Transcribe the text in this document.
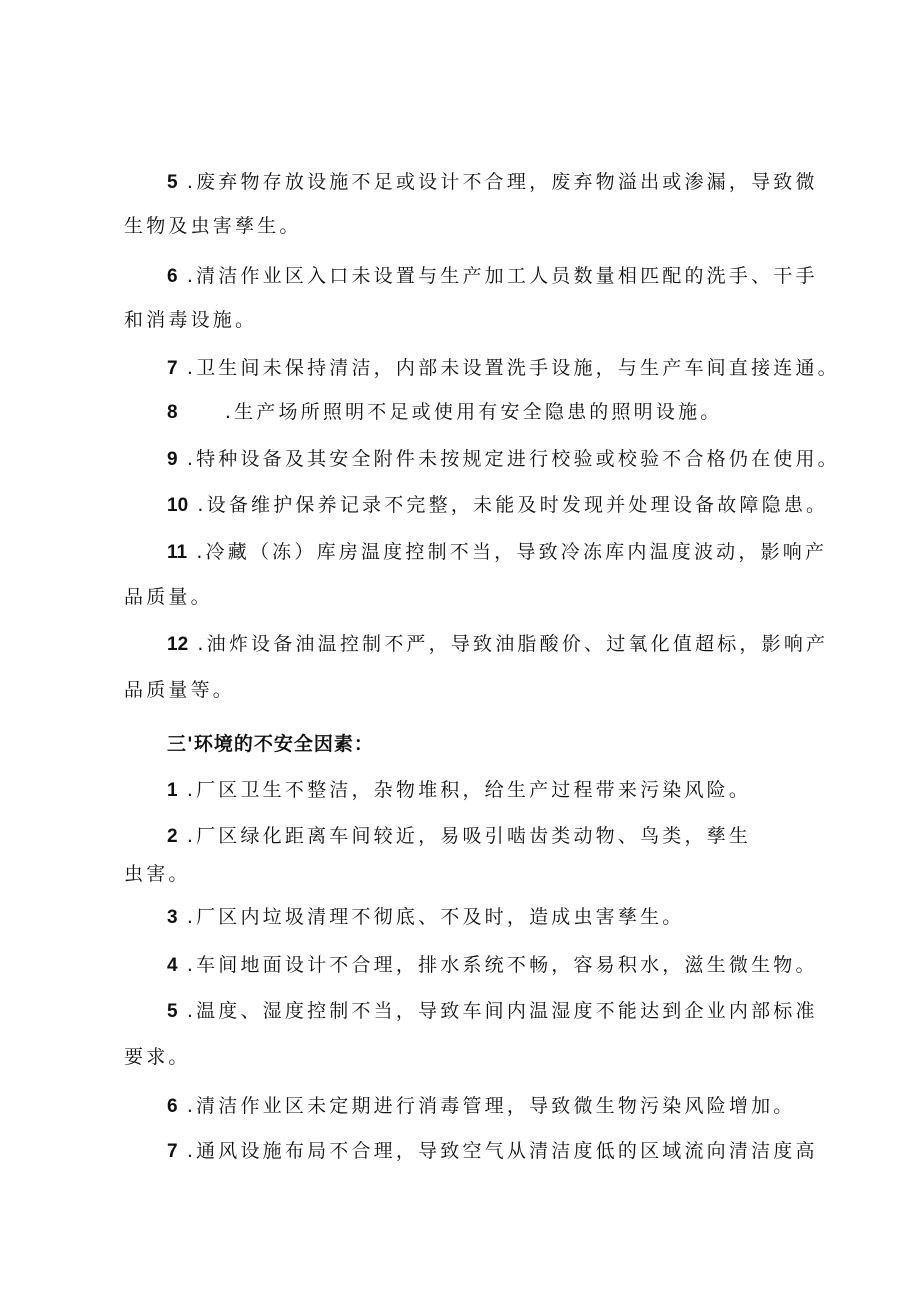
5 .废弃物存放设施不足或设计不合理，废弃物溢出或渗漏，导致微
生物及虫害孳生。
6 .清洁作业区入口未设置与生产加工人员数量相匹配的洗手、干手
和消毒设施。
7 .卫生间未保持清洁，内部未设置洗手设施，与生产车间直接连通。
8 .生产场所照明不足或使用有安全隐患的照明设施。
9 .特种设备及其安全附件未按规定进行校验或校验不合格仍在使用。
10 .设备维护保养记录不完整，未能及时发现并处理设备故障隐患。
11 .冷藏（冻）库房温度控制不当，导致冷冻库内温度波动，影响产
品质量。
12 .油炸设备油温控制不严，导致油脂酸价、过氧化值超标，影响产
品质量等。
三'环境的不安全因素：
1 .厂区卫生不整洁，杂物堆积，给生产过程带来污染风险。
2 .厂区绿化距离车间较近，易吸引啮齿类动物、鸟类，孳生
虫害。
3 .厂区内垃圾清理不彻底、不及时，造成虫害孳生。
4 .车间地面设计不合理，排水系统不畅，容易积水，滋生微生物。
5 .温度、湿度控制不当，导致车间内温湿度不能达到企业内部标准
要求。
6 .清洁作业区未定期进行消毒管理，导致微生物污染风险增加。
7 .通风设施布局不合理，导致空气从清洁度低的区域流向清洁度高
